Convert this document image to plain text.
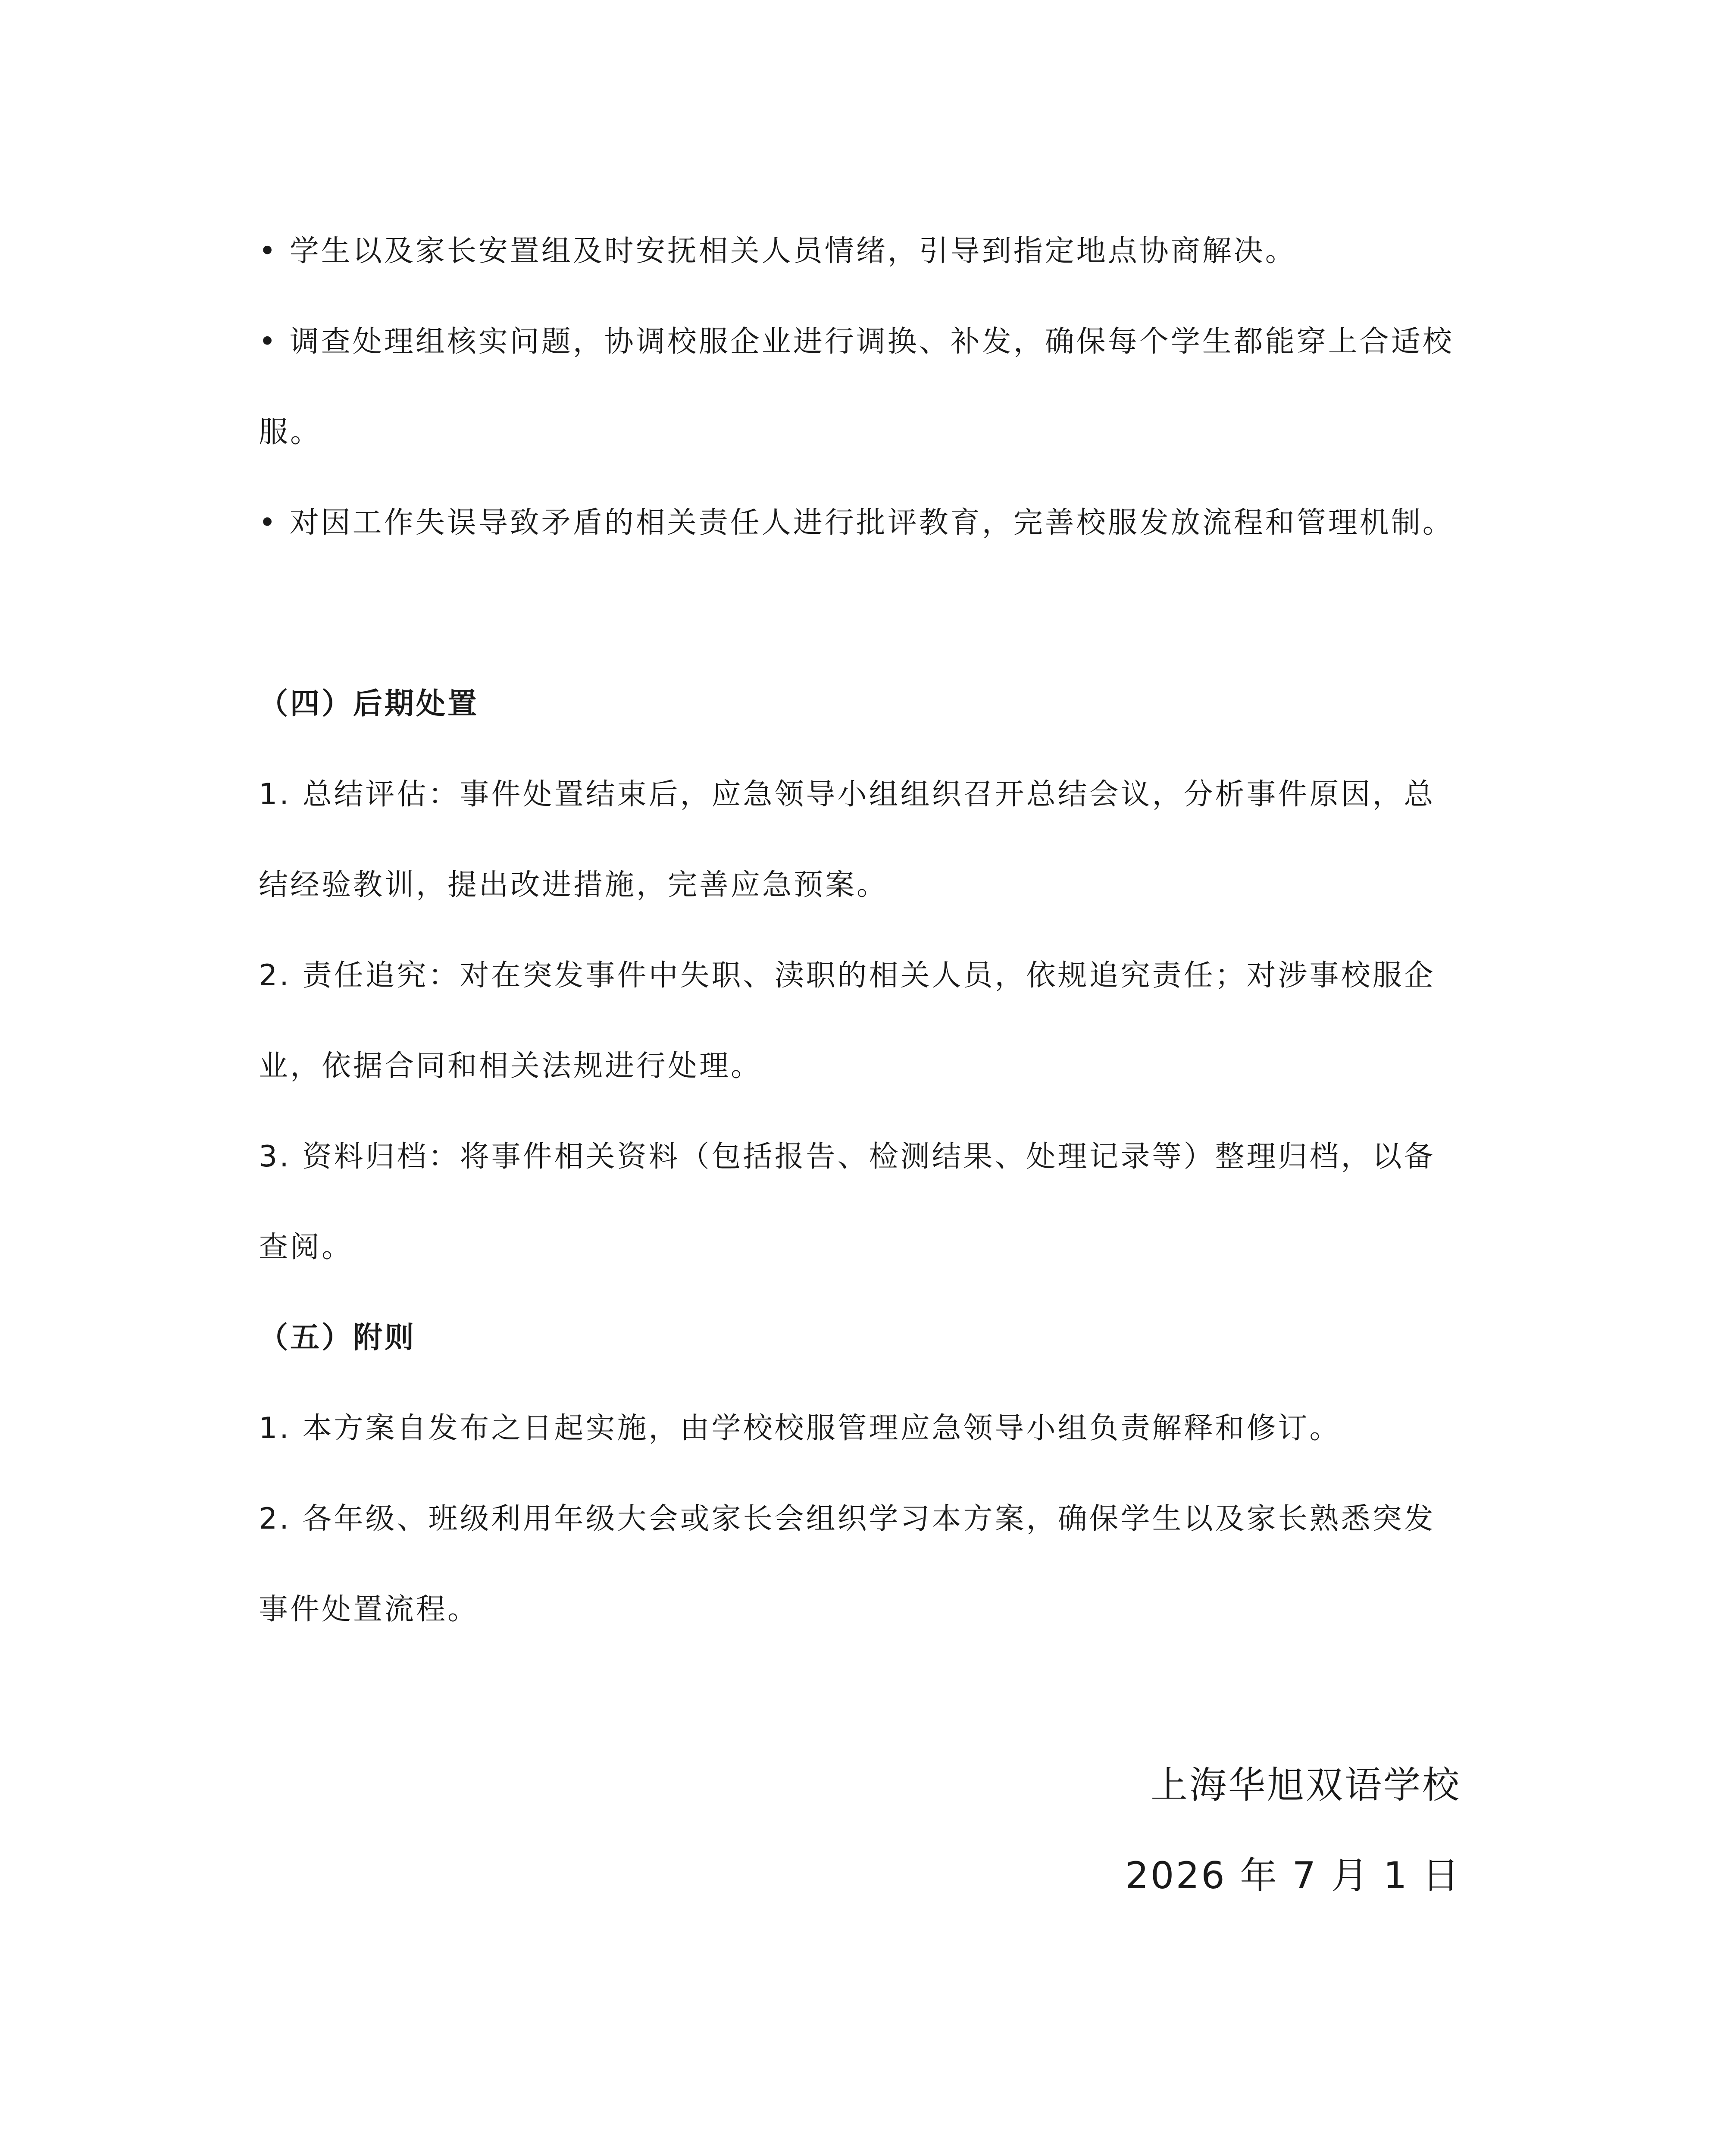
• 学生以及家长安置组及时安抚相关人员情绪，引导到指定地点协商解决。

• 调查处理组核实问题，协调校服企业进行调换、补发，确保每个学生都能穿上合适校服。

• 对因工作失误导致矛盾的相关责任人进行批评教育，完善校服发放流程和管理机制。

（四）后期处置

1. 总结评估：事件处置结束后，应急领导小组组织召开总结会议，分析事件原因，总结经验教训，提出改进措施，完善应急预案。

2. 责任追究：对在突发事件中失职、渎职的相关人员，依规追究责任；对涉事校服企业，依据合同和相关法规进行处理。

3. 资料归档：将事件相关资料（包括报告、检测结果、处理记录等）整理归档，以备查阅。

（五）附则

1. 本方案自发布之日起实施，由学校校服管理应急领导小组负责解释和修订。

2. 各年级、班级利用年级大会或家长会组织学习本方案，确保学生以及家长熟悉突发事件处置流程。

上海华旭双语学校
2026 年 7 月 1 日
